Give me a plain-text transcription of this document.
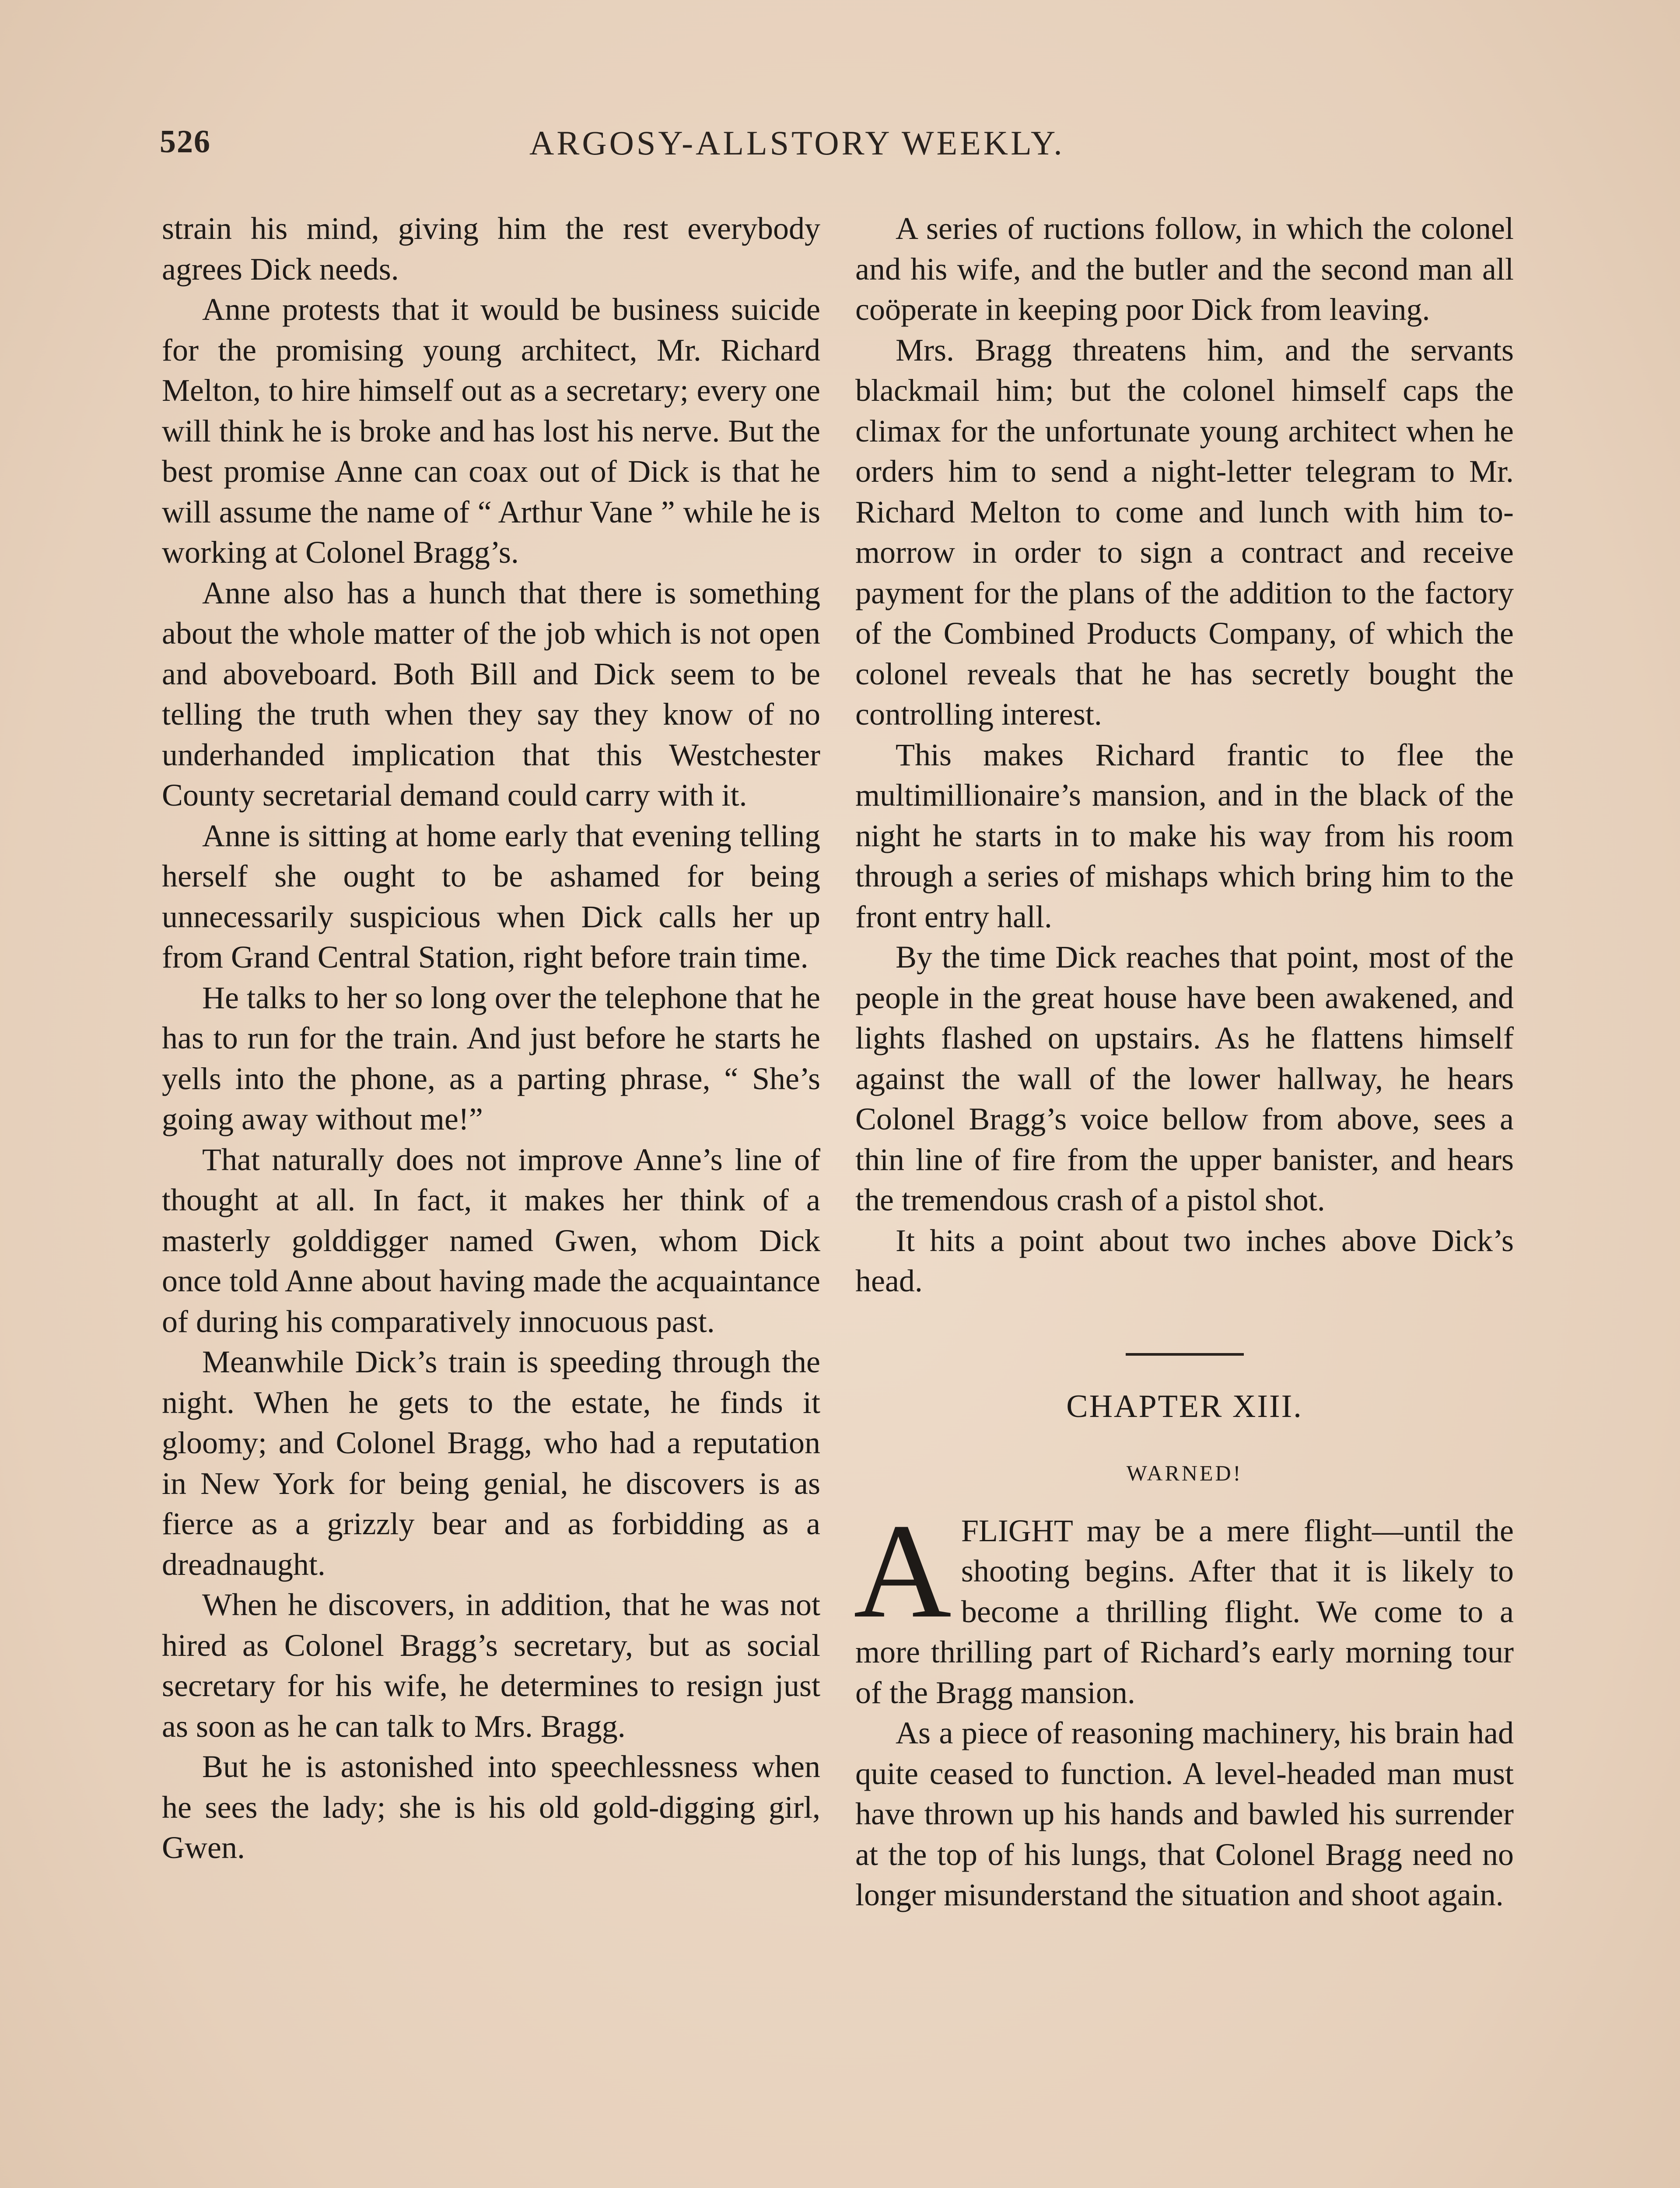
526	ARGOSY-ALLSTORY WEEKLY.

strain his mind, giving him the rest everybody agrees Dick needs.

Anne protests that it would be business suicide for the promising young architect, Mr. Richard Melton, to hire himself out as a secretary; every one will think he is broke and has lost his nerve. But the best promise Anne can coax out of Dick is that he will assume the name of “ Arthur Vane ” while he is working at Colonel Bragg’s.

Anne also has a hunch that there is something about the whole matter of the job which is not open and aboveboard. Both Bill and Dick seem to be telling the truth when they say they know of no underhanded implication that this Westchester County secretarial demand could carry with it.

Anne is sitting at home early that evening telling herself she ought to be ashamed for being unnecessarily suspicious when Dick calls her up from Grand Central Station, right before train time.

He talks to her so long over the telephone that he has to run for the train. And just before he starts he yells into the phone, as a parting phrase, “ She’s going away without me!”

That naturally does not improve Anne’s line of thought at all. In fact, it makes her think of a masterly golddigger named Gwen, whom Dick once told Anne about having made the acquaintance of during his comparatively innocuous past.

Meanwhile Dick’s train is speeding through the night. When he gets to the estate, he finds it gloomy; and Colonel Bragg, who had a reputation in New York for being genial, he discovers is as fierce as a grizzly bear and as forbidding as a dreadnaught.

When he discovers, in addition, that he was not hired as Colonel Bragg’s secretary, but as social secretary for his wife, he determines to resign just as soon as he can talk to Mrs. Bragg.

But he is astonished into speechlessness when he sees the lady; she is his old gold-digging girl, Gwen.

A series of ructions follow, in which the colonel and his wife, and the butler and the second man all coöperate in keeping poor Dick from leaving.

Mrs. Bragg threatens him, and the servants blackmail him; but the colonel himself caps the climax for the unfortunate young architect when he orders him to send a night-letter telegram to Mr. Richard Melton to come and lunch with him to-morrow in order to sign a contract and receive payment for the plans of the addition to the factory of the Combined Products Company, of which the colonel reveals that he has secretly bought the controlling interest.

This makes Richard frantic to flee the multimillionaire’s mansion, and in the black of the night he starts in to make his way from his room through a series of mishaps which bring him to the front entry hall.

By the time Dick reaches that point, most of the people in the great house have been awakened, and lights flashed on upstairs. As he flattens himself against the wall of the lower hallway, he hears Colonel Bragg’s voice bellow from above, sees a thin line of fire from the upper banister, and hears the tremendous crash of a pistol shot.

It hits a point about two inches above Dick’s head.

CHAPTER XIII.
WARNED!

AFLIGHT may be a mere flight—until the shooting begins. After that it is likely to become a thrilling flight. We come to a more thrilling part of Richard’s early morning tour of the Bragg mansion.

As a piece of reasoning machinery, his brain had quite ceased to function. A level-headed man must have thrown up his hands and bawled his surrender at the top of his lungs, that Colonel Bragg need no longer misunderstand the situation and shoot again.
